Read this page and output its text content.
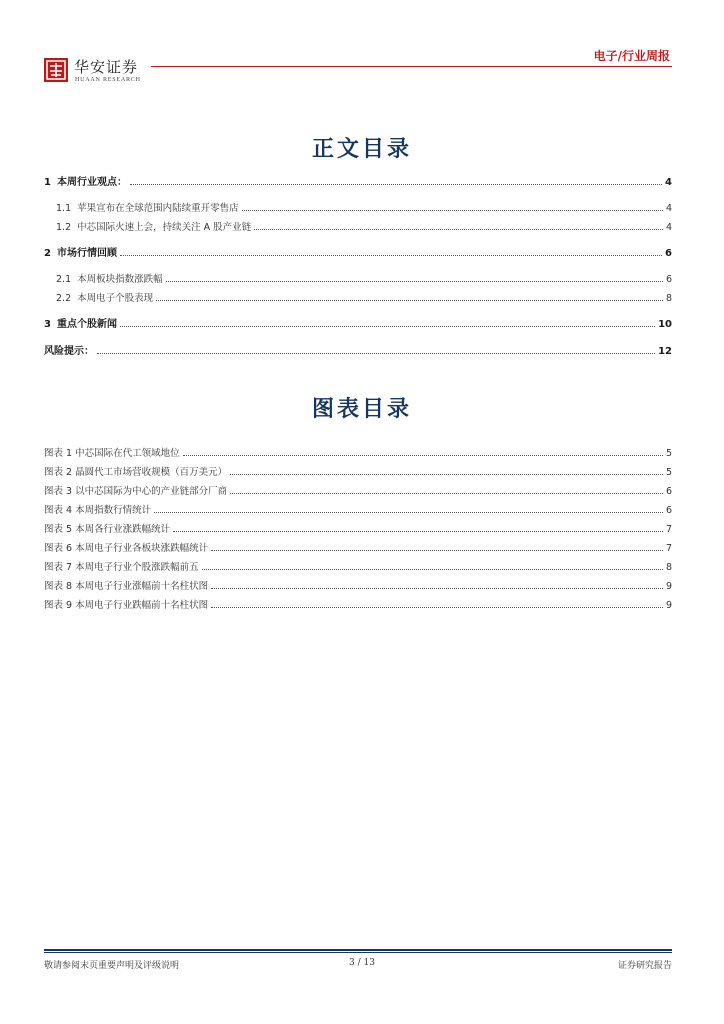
华安证券
HUAAN RESEARCH
电子/行业周报
正文目录
1 本周行业观点：	4
1.1 苹果宣布在全球范围内陆续重开零售店	4
1.2 中芯国际火速上会，持续关注 A 股产业链	4
2 市场行情回顾	6
2.1 本周板块指数涨跌幅	6
2.2 本周电子个股表现	8
3 重点个股新闻	10
风险提示：	12
图表目录
图表 1 中芯国际在代工领域地位	5
图表 2 晶圆代工市场营收规模（百万美元）	5
图表 3 以中芯国际为中心的产业链部分厂商	6
图表 4 本周指数行情统计	6
图表 5 本周各行业涨跌幅统计	7
图表 6 本周电子行业各板块涨跌幅统计	7
图表 7 本周电子行业个股涨跌幅前五	8
图表 8 本周电子行业涨幅前十名柱状图	9
图表 9 本周电子行业跌幅前十名柱状图	9
敬请参阅末页重要声明及评级说明	3 / 13	证券研究报告
